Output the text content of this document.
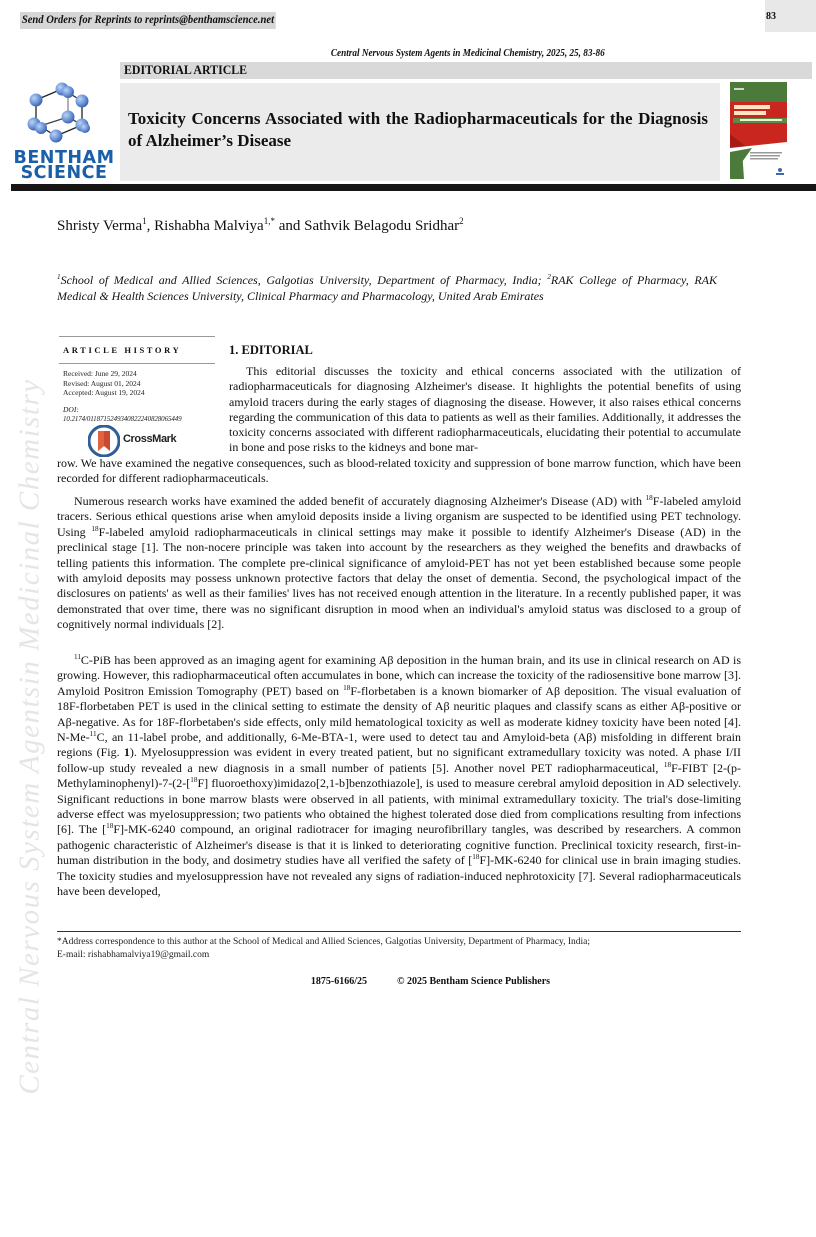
Central Nervous System Agentsin Medicinal Chemistry
Send Orders for Reprints to reprints@benthamscience.net	83
Central Nervous System Agents in Medicinal Chemistry, 2025, 25, 83-86
EDITORIAL ARTICLE
BENTHAM
SCIENCE
Toxicity Concerns Associated with the Radiopharmaceuticals for the Diagnosis of Alzheimer’s Disease
Shristy Verma$^1$, Rishabha Malviya$^{1,*}$ and Sathvik Belagodu Sridhar$^2$
$^1$School of Medical and Allied Sciences, Galgotias University, Department of Pharmacy, India; $^2$RAK College of Pharmacy, RAK Medical & Health Sciences University, Clinical Pharmacy and Pharmacology, United Arab Emirates
ARTICLE HISTORY
Received: June 29, 2024
Revised: August 01, 2024
Accepted: August 19, 2024
DOI:
10.2174/0118715249340822240828065449
CrossMark
1. EDITORIAL
This editorial discusses the toxicity and ethical concerns associated with the utilization of radiopharmaceuticals for diagnosing Alzheimer's disease. It highlights the potential benefits of using amyloid tracers during the early stages of diagnosing the disease. However, it also raises ethical concerns regarding the communication of this data to patients as well as their families. Additionally, it addresses the toxicity concerns associated with different radiopharmaceuticals, elucidating their potential to accumulate in bone and pose risks to the kidneys and bone mar-
row. We have examined the negative consequences, such as blood-related toxicity and suppression of bone marrow function, which have been recorded for different radiopharmaceuticals.
Numerous research works have examined the added benefit of accurately diagnosing Alzheimer's Disease (AD) with $^{18}$F-labeled amyloid tracers. Serious ethical questions arise when amyloid deposits inside a living organism are suspected to be identified using PET technology. Using $^{18}$F-labeled amyloid radiopharmaceuticals in clinical settings may make it possible to identify Alzheimer's Disease (AD) in the preclinical stage [1]. The non-nocere principle was taken into account by the researchers as they weighed the benefits and drawbacks of telling patients this information. The complete pre-clinical significance of amyloid-PET has not yet been established because some people with amyloid deposits may possess unknown protective factors that delay the onset of dementia. Second, the psychological impact of the disclosures on patients' as well as their families' lives has not received enough attention in the literature. In a recently published paper, it was demonstrated that over time, there was no significant disruption in mood when an individual's amyloid status was disclosed to a group of cognitively normal individuals [2].
$^{11}$C-PiB has been approved as an imaging agent for examining Aβ deposition in the human brain, and its use in clinical research on AD is growing. However, this radiopharmaceutical often accumulates in bone, which can increase the toxicity of the radiosensitive bone marrow [3]. Amyloid Positron Emission Tomography (PET) based on $^{18}$F-florbetaben is a known biomarker of Aβ deposition. The visual evaluation of 18F-florbetaben PET is used in the clinical setting to estimate the density of Aβ neuritic plaques and classify scans as either Aβ-positive or Aβ-negative. As for 18F-florbetaben's side effects, only mild hematological toxicity as well as moderate kidney toxicity have been noted [4]. N-Me-$^{11}$C, an 11-label probe, and additionally, 6-Me-BTA-1, were used to detect tau and Amyloid-beta (Aβ) misfolding in different brain regions (Fig. 1). Myelosuppression was evident in every treated patient, but no significant extramedullary toxicity was noted. A phase I/II follow-up study revealed a new diagnosis in a small number of patients [5]. Another novel PET radiopharmaceutical, $^{18}$F-FIBT [2-(p-Methylaminophenyl)-7-(2-[$^{18}$F] fluoroethoxy)imidazo[2,1-b]benzothiazole], is used to measure cerebral amyloid deposition in AD selectively. Significant reductions in bone marrow blasts were observed in all patients, with minimal extramedullary toxicity. The trial's dose-limiting adverse effect was myelosuppression; two patients who obtained the highest tolerated dose died from complications resulting from infections [6]. The [$^{18}$F]-MK-6240 compound, an original radiotracer for imaging neurofibrillary tangles, was described by researchers. A common pathogenic characteristic of Alzheimer's disease is that it is linked to deteriorating cognitive function. Preclinical toxicity research, first-in-human distribution in the body, and dosimetry studies have all verified the safety of [$^{18}$F]-MK-6240 for clinical use in brain imaging studies. The toxicity studies and myelosuppression have not revealed any signs of radiation-induced nephrotoxicity [7]. Several radiopharmaceuticals have been developed,
*Address correspondence to this author at the School of Medical and Allied Sciences, Galgotias University, Department of Pharmacy, India;
E-mail: rishabhamalviya19@gmail.com
1875-6166/25	© 2025 Bentham Science Publishers
